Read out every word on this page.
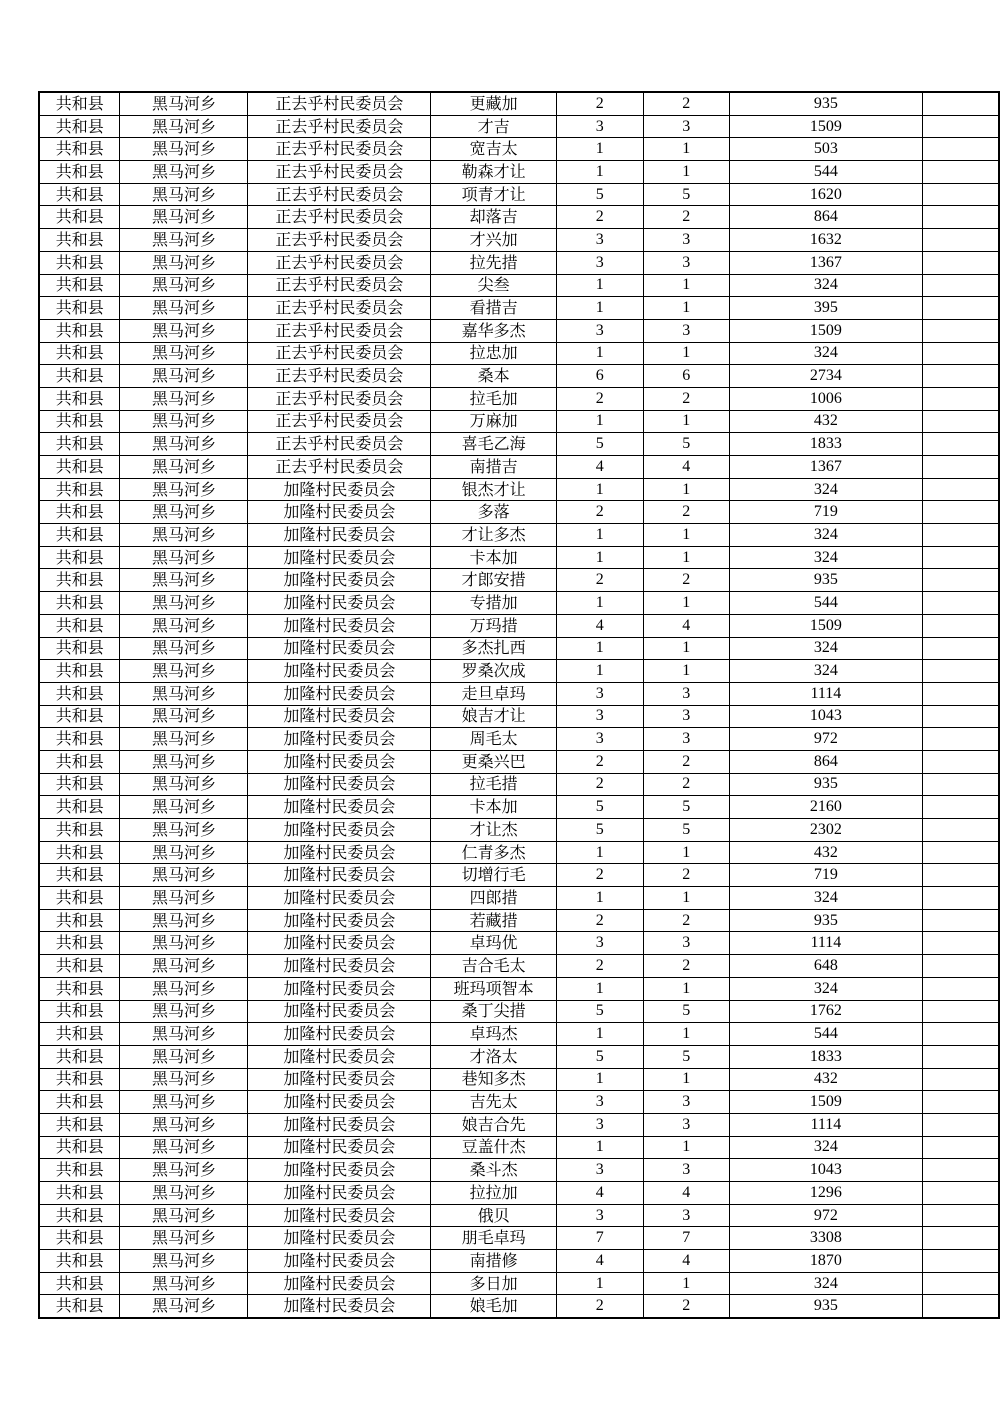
共和县	黑马河乡	正去乎村民委员会	更藏加	2	2	935	
共和县	黑马河乡	正去乎村民委员会	才吉	3	3	1509	
共和县	黑马河乡	正去乎村民委员会	宽吉太	1	1	503	
共和县	黑马河乡	正去乎村民委员会	勒森才让	1	1	544	
共和县	黑马河乡	正去乎村民委员会	项青才让	5	5	1620	
共和县	黑马河乡	正去乎村民委员会	却落吉	2	2	864	
共和县	黑马河乡	正去乎村民委员会	才兴加	3	3	1632	
共和县	黑马河乡	正去乎村民委员会	拉先措	3	3	1367	
共和县	黑马河乡	正去乎村民委员会	尖叁	1	1	324	
共和县	黑马河乡	正去乎村民委员会	看措吉	1	1	395	
共和县	黑马河乡	正去乎村民委员会	嘉华多杰	3	3	1509	
共和县	黑马河乡	正去乎村民委员会	拉忠加	1	1	324	
共和县	黑马河乡	正去乎村民委员会	桑本	6	6	2734	
共和县	黑马河乡	正去乎村民委员会	拉毛加	2	2	1006	
共和县	黑马河乡	正去乎村民委员会	万麻加	1	1	432	
共和县	黑马河乡	正去乎村民委员会	喜毛乙海	5	5	1833	
共和县	黑马河乡	正去乎村民委员会	南措吉	4	4	1367	
共和县	黑马河乡	加隆村民委员会	银杰才让	1	1	324	
共和县	黑马河乡	加隆村民委员会	多落	2	2	719	
共和县	黑马河乡	加隆村民委员会	才让多杰	1	1	324	
共和县	黑马河乡	加隆村民委员会	卡本加	1	1	324	
共和县	黑马河乡	加隆村民委员会	才郎安措	2	2	935	
共和县	黑马河乡	加隆村民委员会	专措加	1	1	544	
共和县	黑马河乡	加隆村民委员会	万玛措	4	4	1509	
共和县	黑马河乡	加隆村民委员会	多杰扎西	1	1	324	
共和县	黑马河乡	加隆村民委员会	罗桑次成	1	1	324	
共和县	黑马河乡	加隆村民委员会	走旦卓玛	3	3	1114	
共和县	黑马河乡	加隆村民委员会	娘吉才让	3	3	1043	
共和县	黑马河乡	加隆村民委员会	周毛太	3	3	972	
共和县	黑马河乡	加隆村民委员会	更桑兴巴	2	2	864	
共和县	黑马河乡	加隆村民委员会	拉毛措	2	2	935	
共和县	黑马河乡	加隆村民委员会	卡本加	5	5	2160	
共和县	黑马河乡	加隆村民委员会	才让杰	5	5	2302	
共和县	黑马河乡	加隆村民委员会	仁青多杰	1	1	432	
共和县	黑马河乡	加隆村民委员会	切增行毛	2	2	719	
共和县	黑马河乡	加隆村民委员会	四郎措	1	1	324	
共和县	黑马河乡	加隆村民委员会	若藏措	2	2	935	
共和县	黑马河乡	加隆村民委员会	卓玛优	3	3	1114	
共和县	黑马河乡	加隆村民委员会	吉合毛太	2	2	648	
共和县	黑马河乡	加隆村民委员会	班玛项智本	1	1	324	
共和县	黑马河乡	加隆村民委员会	桑丁尖措	5	5	1762	
共和县	黑马河乡	加隆村民委员会	卓玛杰	1	1	544	
共和县	黑马河乡	加隆村民委员会	才洛太	5	5	1833	
共和县	黑马河乡	加隆村民委员会	巷知多杰	1	1	432	
共和县	黑马河乡	加隆村民委员会	吉先太	3	3	1509	
共和县	黑马河乡	加隆村民委员会	娘吉合先	3	3	1114	
共和县	黑马河乡	加隆村民委员会	豆盖什杰	1	1	324	
共和县	黑马河乡	加隆村民委员会	桑斗杰	3	3	1043	
共和县	黑马河乡	加隆村民委员会	拉拉加	4	4	1296	
共和县	黑马河乡	加隆村民委员会	俄贝	3	3	972	
共和县	黑马河乡	加隆村民委员会	朋毛卓玛	7	7	3308	
共和县	黑马河乡	加隆村民委员会	南措修	4	4	1870	
共和县	黑马河乡	加隆村民委员会	多日加	1	1	324	
共和县	黑马河乡	加隆村民委员会	娘毛加	2	2	935	
